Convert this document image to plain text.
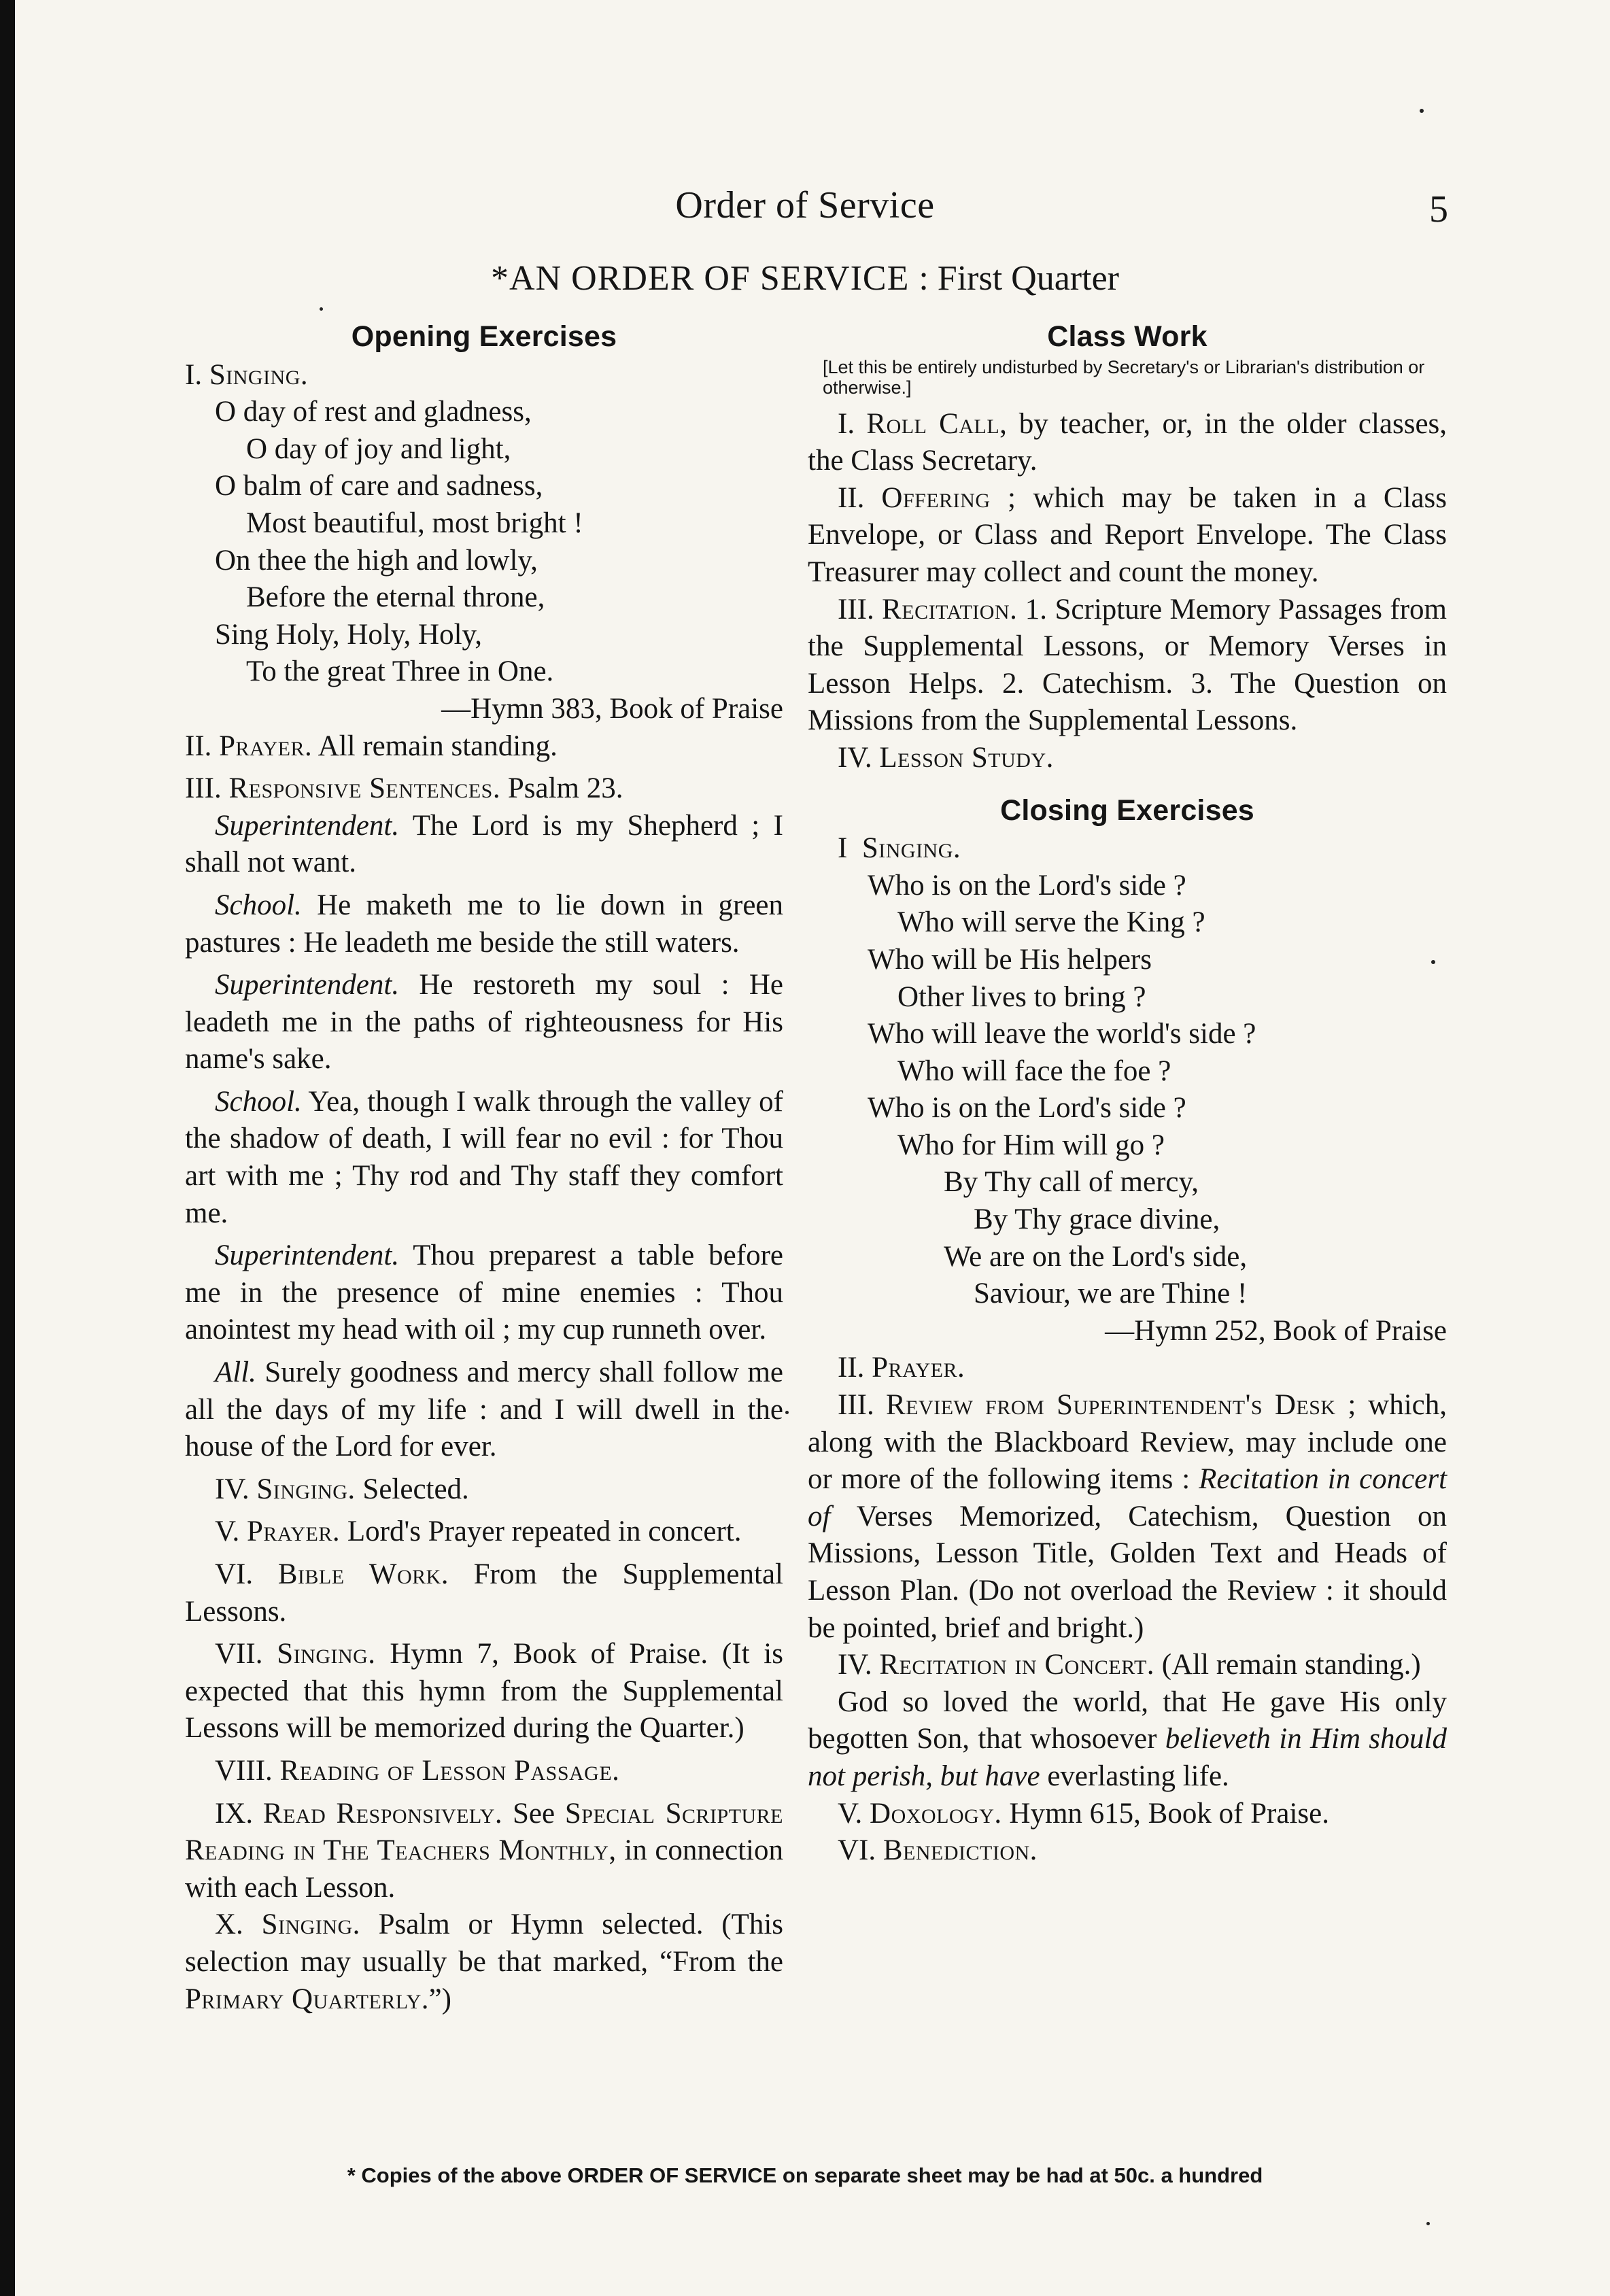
Order of Service	5
*AN ORDER OF SERVICE : First Quarter
Opening Exercises

I. Singing.

O day of rest and gladness,
O day of joy and light,
O balm of care and sadness,
Most beautiful, most bright !
On thee the high and lowly,
Before the eternal throne,
Sing Holy, Holy, Holy,
To the great Three in One.

—Hymn 383, Book of Praise

II. Prayer. All remain standing.

III. Responsive Sentences. Psalm 23.

Superintendent. The Lord is my Shepherd ; I shall not want.

School. He maketh me to lie down in green pastures : He leadeth me beside the still waters.

Superintendent. He restoreth my soul : He leadeth me in the paths of righteousness for His name's sake.

School. Yea, though I walk through the valley of the shadow of death, I will fear no evil : for Thou art with me ; Thy rod and Thy staff they comfort me.

Superintendent. Thou preparest a table before me in the presence of mine enemies : Thou anointest my head with oil ; my cup runneth over.

All. Surely goodness and mercy shall follow me all the days of my life : and I will dwell in the house of the Lord for ever.

IV. Singing. Selected.

V. Prayer. Lord's Prayer repeated in concert.

VI. Bible Work. From the Supplemental Lessons.

VII. Singing. Hymn 7, Book of Praise. (It is expected that this hymn from the Supplemental Lessons will be memorized during the Quarter.)

VIII. Reading of Lesson Passage.

IX. Read Responsively. See Special Scripture Reading in The Teachers Monthly, in connection with each Lesson.

X. Singing. Psalm or Hymn selected. (This selection may usually be that marked, “From the Primary Quarterly.”)

Class Work

[Let this be entirely undisturbed by Secretary's or Librarian's distribution or otherwise.]

I. Roll Call, by teacher, or, in the older classes, the Class Secretary.

II. Offering ; which may be taken in a Class Envelope, or Class and Report Envelope. The Class Treasurer may collect and count the money.

III. Recitation. 1. Scripture Memory Passages from the Supplemental Lessons, or Memory Verses in Lesson Helps. 2. Catechism. 3. The Question on Missions from the Supplemental Lessons.

IV. Lesson Study.

Closing Exercises

I Singing.

Who is on the Lord's side ?
Who will serve the King ?
Who will be His helpers
Other lives to bring ?
Who will leave the world's side ?
Who will face the foe ?
Who is on the Lord's side ?
Who for Him will go ?
By Thy call of mercy,
By Thy grace divine,
We are on the Lord's side,
Saviour, we are Thine !

—Hymn 252, Book of Praise

II. Prayer.

III. Review from Superintendent's Desk ; which, along with the Blackboard Review, may include one or more of the following items : Recitation in concert of Verses Memorized, Catechism, Question on Missions, Lesson Title, Golden Text and Heads of Lesson Plan. (Do not overload the Review : it should be pointed, brief and bright.)

IV. Recitation in Concert. (All remain standing.)

God so loved the world, that He gave His only begotten Son, that whosoever believeth in Him should not perish, but have everlasting life.

V. Doxology. Hymn 615, Book of Praise.

VI. Benediction.

* Copies of the above ORDER OF SERVICE on separate sheet may be had at 50c. a hundred
